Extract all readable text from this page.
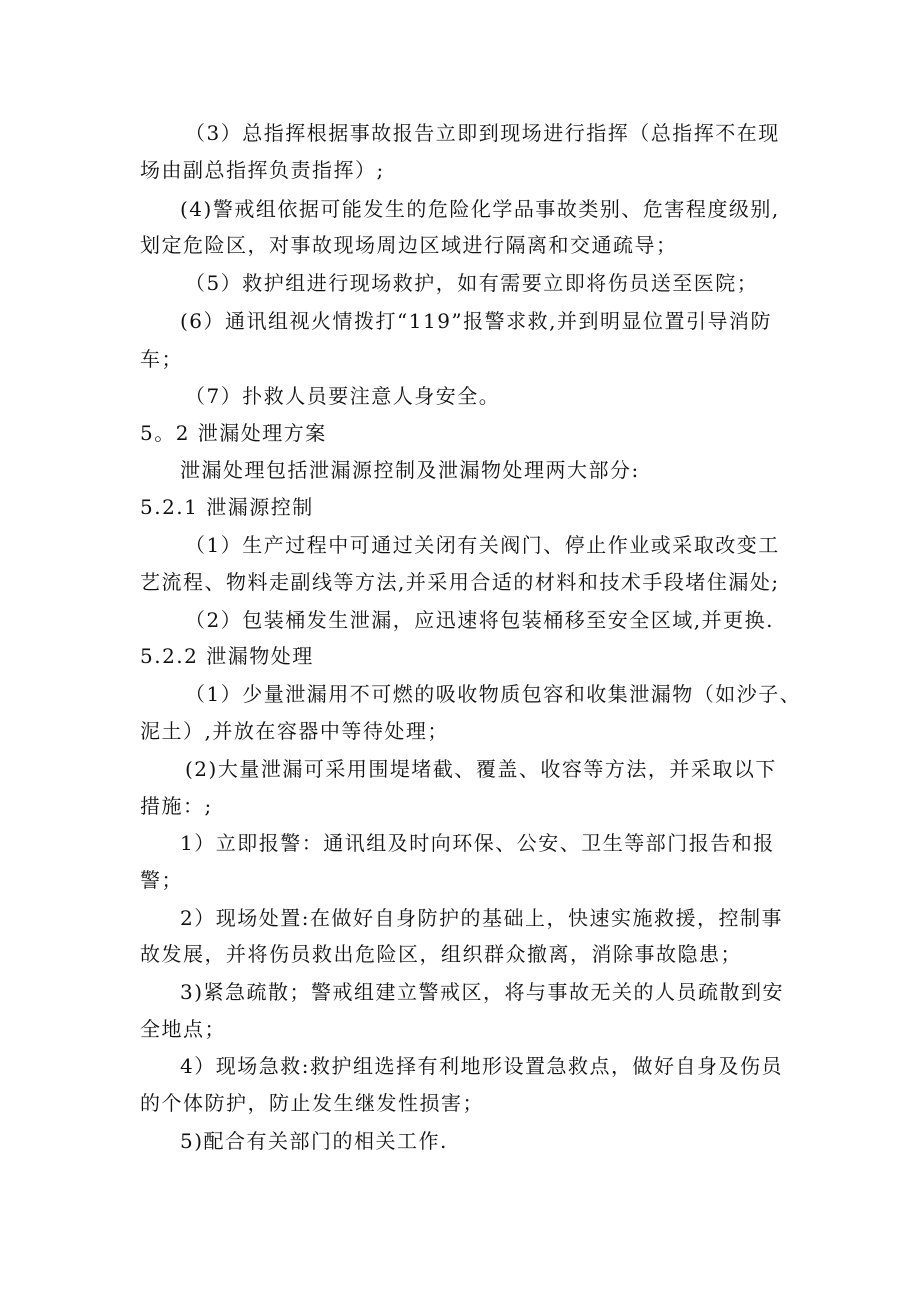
（3）总指挥根据事故报告立即到现场进行指挥（总指挥不在现
场由副总指挥负责指挥）;
(4)警戒组依据可能发生的危险化学品事故类别、危害程度级别,
划定危险区，对事故现场周边区域进行隔离和交通疏导；
（5）救护组进行现场救护，如有需要立即将伤员送至医院；
(6）通讯组视火情拨打“119”报警求救,并到明显位置引导消防
车；
（7）扑救人员要注意人身安全。
5。2 泄漏处理方案
泄漏处理包括泄漏源控制及泄漏物处理两大部分:
5.2.1 泄漏源控制
（1）生产过程中可通过关闭有关阀门、停止作业或采取改变工
艺流程、物料走副线等方法,并采用合适的材料和技术手段堵住漏处;
（2）包装桶发生泄漏，应迅速将包装桶移至安全区域,并更换.
5.2.2 泄漏物处理
（1）少量泄漏用不可燃的吸收物质包容和收集泄漏物（如沙子、
泥土）,并放在容器中等待处理；
(2)大量泄漏可采用围堤堵截、覆盖、收容等方法，并采取以下
措施：;
1）立即报警：通讯组及时向环保、公安、卫生等部门报告和报
警；
2）现场处置:在做好自身防护的基础上，快速实施救援，控制事
故发展，并将伤员救出危险区，组织群众撤离，消除事故隐患；
3)紧急疏散；警戒组建立警戒区，将与事故无关的人员疏散到安
全地点；
4）现场急救:救护组选择有利地形设置急救点，做好自身及伤员
的个体防护，防止发生继发性损害；
5)配合有关部门的相关工作.
